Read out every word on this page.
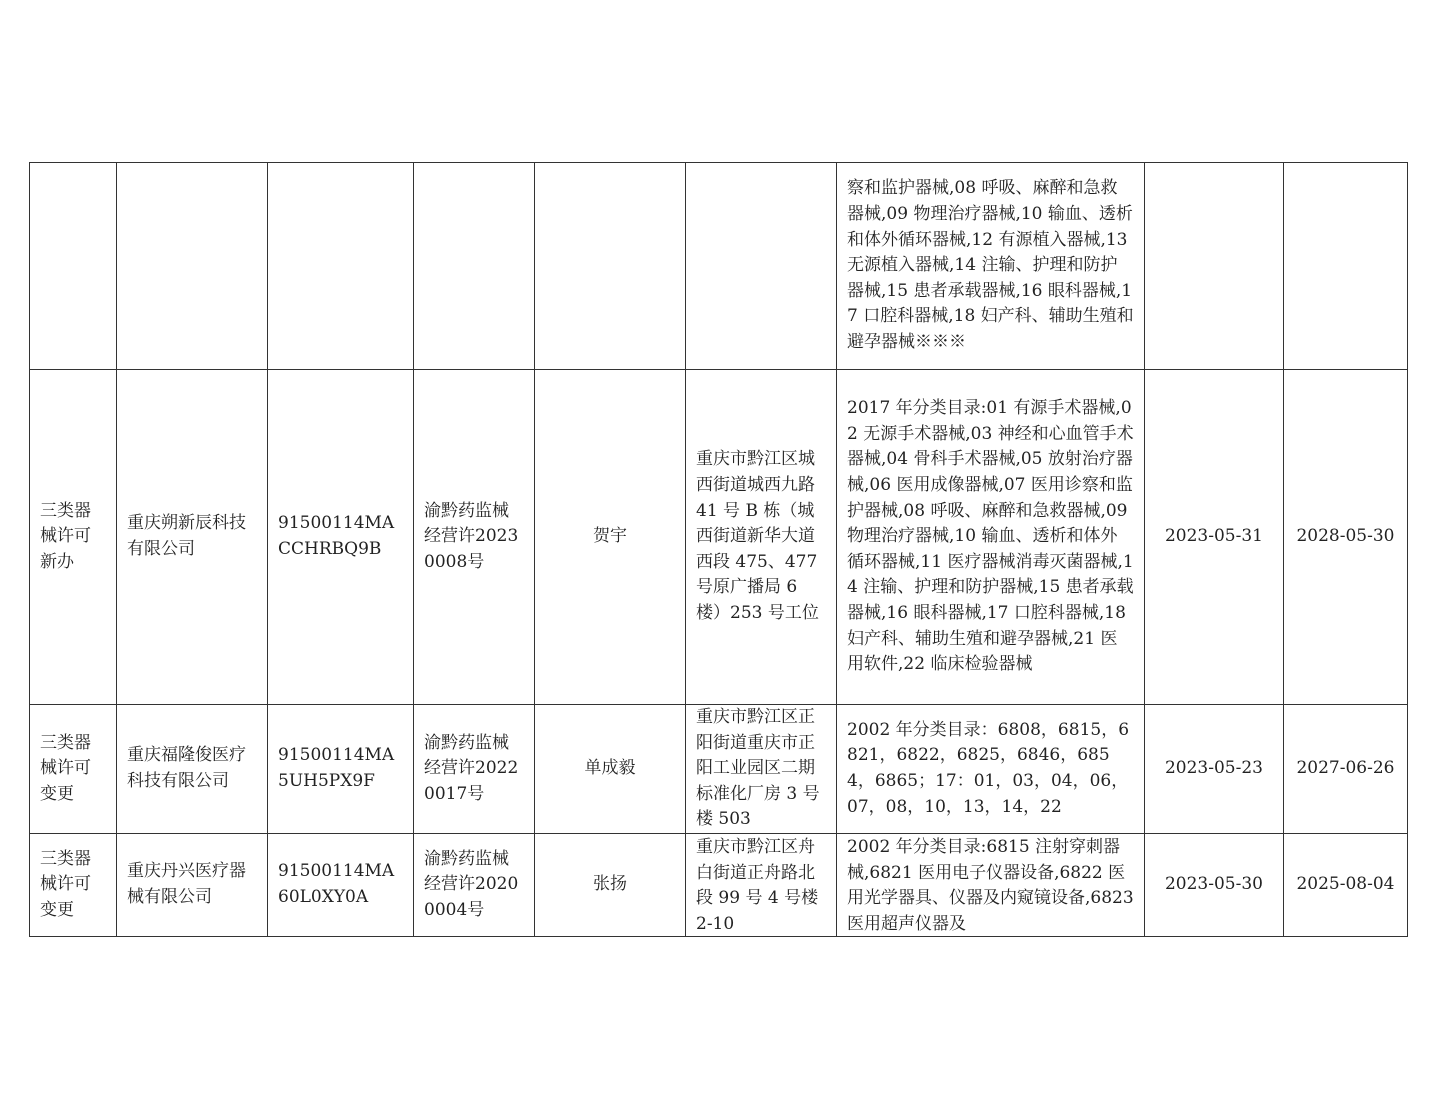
						察和监护器械,08 呼吸、麻醉和急救器械,09 物理治疗器械,10 输血、透析和体外循环器械,12 有源植入器械,13 无源植入器械,14 注输、护理和防护器械,15 患者承载器械,16 眼科器械,17 口腔科器械,18 妇产科、辅助生殖和避孕器械※※※		
三类器械许可新办	重庆朔新辰科技有限公司	91500114MACCHRBQ9B	渝黔药监械经营许20230008号	贺宇	重庆市黔江区城西街道城西九路 41 号 B 栋（城西街道新华大道西段 475、477 号原广播局 6 楼）253 号工位	2017 年分类目录:01 有源手术器械,02 无源手术器械,03 神经和心血管手术器械,04 骨科手术器械,05 放射治疗器械,06 医用成像器械,07 医用诊察和监护器械,08 呼吸、麻醉和急救器械,09 物理治疗器械,10 输血、透析和体外循环器械,11 医疗器械消毒灭菌器械,14 注输、护理和防护器械,15 患者承载器械,16 眼科器械,17 口腔科器械,18 妇产科、辅助生殖和避孕器械,21 医用软件,22 临床检验器械	2023-05-31	2028-05-30
三类器械许可变更	重庆福隆俊医疗科技有限公司	91500114MA5UH5PX9F	渝黔药监械经营许20220017号	单成毅	重庆市黔江区正阳街道重庆市正阳工业园区二期标准化厂房 3 号楼 503	2002 年分类目录：6808，6815，6821，6822，6825，6846，6854，6865；17：01，03，04，06，07，08，10，13，14，22	2023-05-23	2027-06-26
三类器械许可变更	重庆丹兴医疗器械有限公司	91500114MA60L0XY0A	渝黔药监械经营许20200004号	张扬	重庆市黔江区舟白街道正舟路北段 99 号 4 号楼 2-10	2002 年分类目录:6815 注射穿刺器械,6821 医用电子仪器设备,6822 医用光学器具、仪器及内窥镜设备,6823 医用超声仪器及	2023-05-30	2025-08-04
